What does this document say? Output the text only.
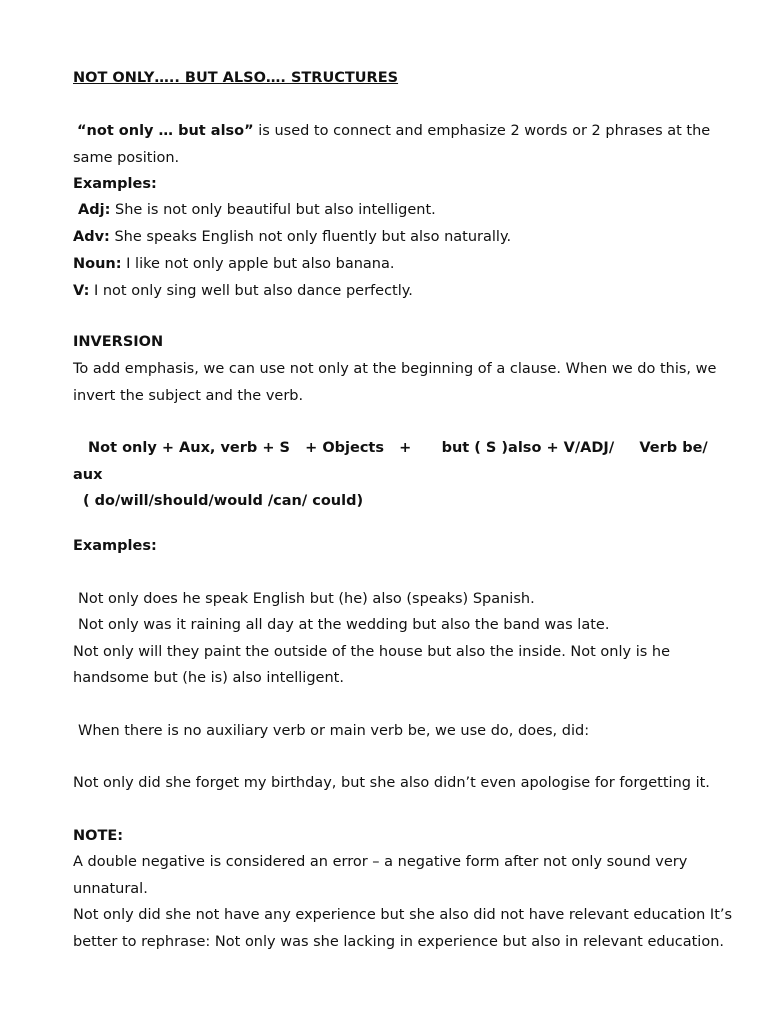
NOT ONLY….. BUT ALSO…. STRUCTURES
“not only … but also” is used to connect and emphasize 2 words or 2 phrases at the
same position.
Examples:
Adj: She is not only beautiful but also intelligent.
Adv: She speaks English not only fluently but also naturally.
Noun: I like not only apple but also banana.
V: I not only sing well but also dance perfectly.
INVERSION
To add emphasis, we can use not only at the beginning of a clause. When we do this, we
invert the subject and the verb.
Not only + Aux, verb + S   + Objects   +      but ( S )also + V/ADJ/     Verb be/
aux
( do/will/should/would /can/ could)
Examples:
Not only does he speak English but (he) also (speaks) Spanish.
Not only was it raining all day at the wedding but also the band was late.
Not only will they paint the outside of the house but also the inside. Not only is he
handsome but (he is) also intelligent.
When there is no auxiliary verb or main verb be, we use do, does, did:
Not only did she forget my birthday, but she also didn’t even apologise for forgetting it.
NOTE:
A double negative is considered an error – a negative form after not only sound very
unnatural.
Not only did she not have any experience but she also did not have relevant education It’s
better to rephrase: Not only was she lacking in experience but also in relevant education.
